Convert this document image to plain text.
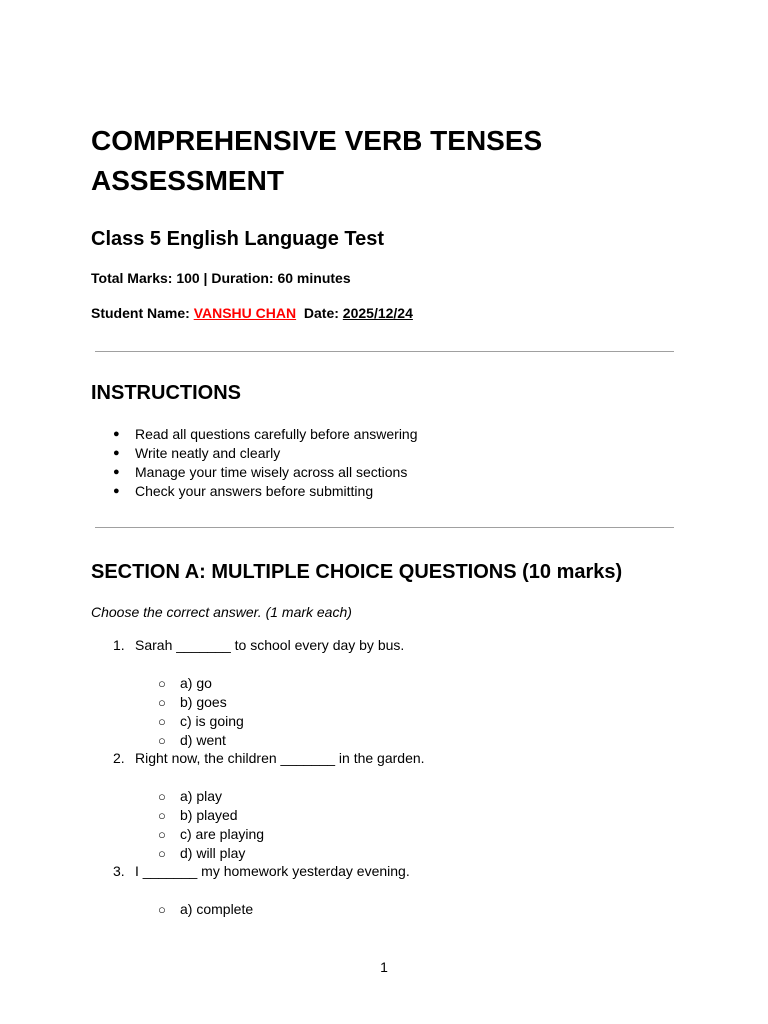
COMPREHENSIVE VERB TENSES ASSESSMENT
Class 5 English Language Test

Total Marks: 100 | Duration: 60 minutes

Student Name: VANSHU CHAN Date: 2025/12/24

INSTRUCTIONS
● Read all questions carefully before answering
● Write neatly and clearly
● Manage your time wisely across all sections
● Check your answers before submitting
SECTION A: MULTIPLE CHOICE QUESTIONS (10 marks)

Choose the correct answer. (1 mark each)

1. Sarah _______ to school every day by bus.
○ a) go
○ b) goes
○ c) is going
○ d) went
2. Right now, the children _______ in the garden.
○ a) play
○ b) played
○ c) are playing
○ d) will play
3. I _______ my homework yesterday evening.
○ a) complete
1
